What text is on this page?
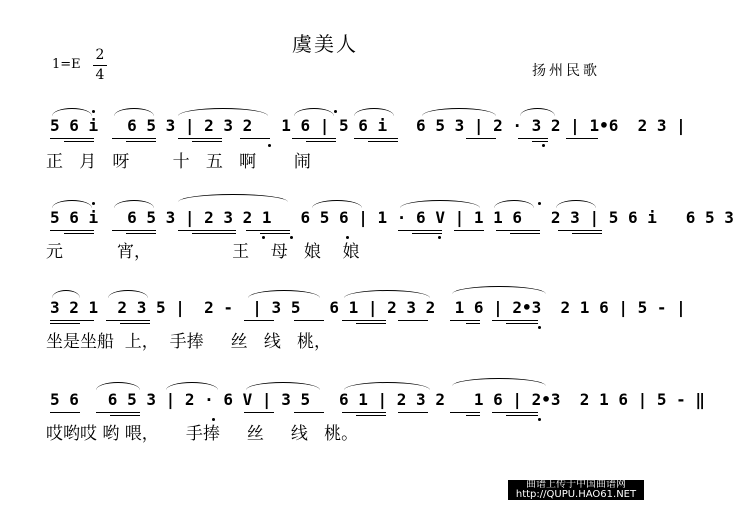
虞美人
1=E
2
4	扬州民歌
5 6 i   6 5 3 | 2 3 2   1 6 | 5 6 i   6 5 3 | 2 · 3 2 | 1•6  2 3 |
正   月   呀        十   五   啊       闹
5 6 i   6 5 3 | 2 3 2 1   6 5 6 | 1 · 6 V | 1 1 6   2 3 | 5 6 i   6 5 3
元          宵，               王    母   娘    娘
3 2 1  2 3 5 |  2 -  | 3 5   6 1 | 2 3 2  1 6 | 2•3  2 1 6 | 5 - |
坐是坐船  上，  手捧     丝   线   桃，
5 6   6 5 3 | 2 · 6 V | 3 5   6 1 | 2 3 2   1 6 | 2•3  2 1 6 | 5 - ‖
哎哟哎 哟 喂，     手捧     丝     线   桃。
曲谱上传于中国曲谱网
http://QUPU.HAO61.NET
